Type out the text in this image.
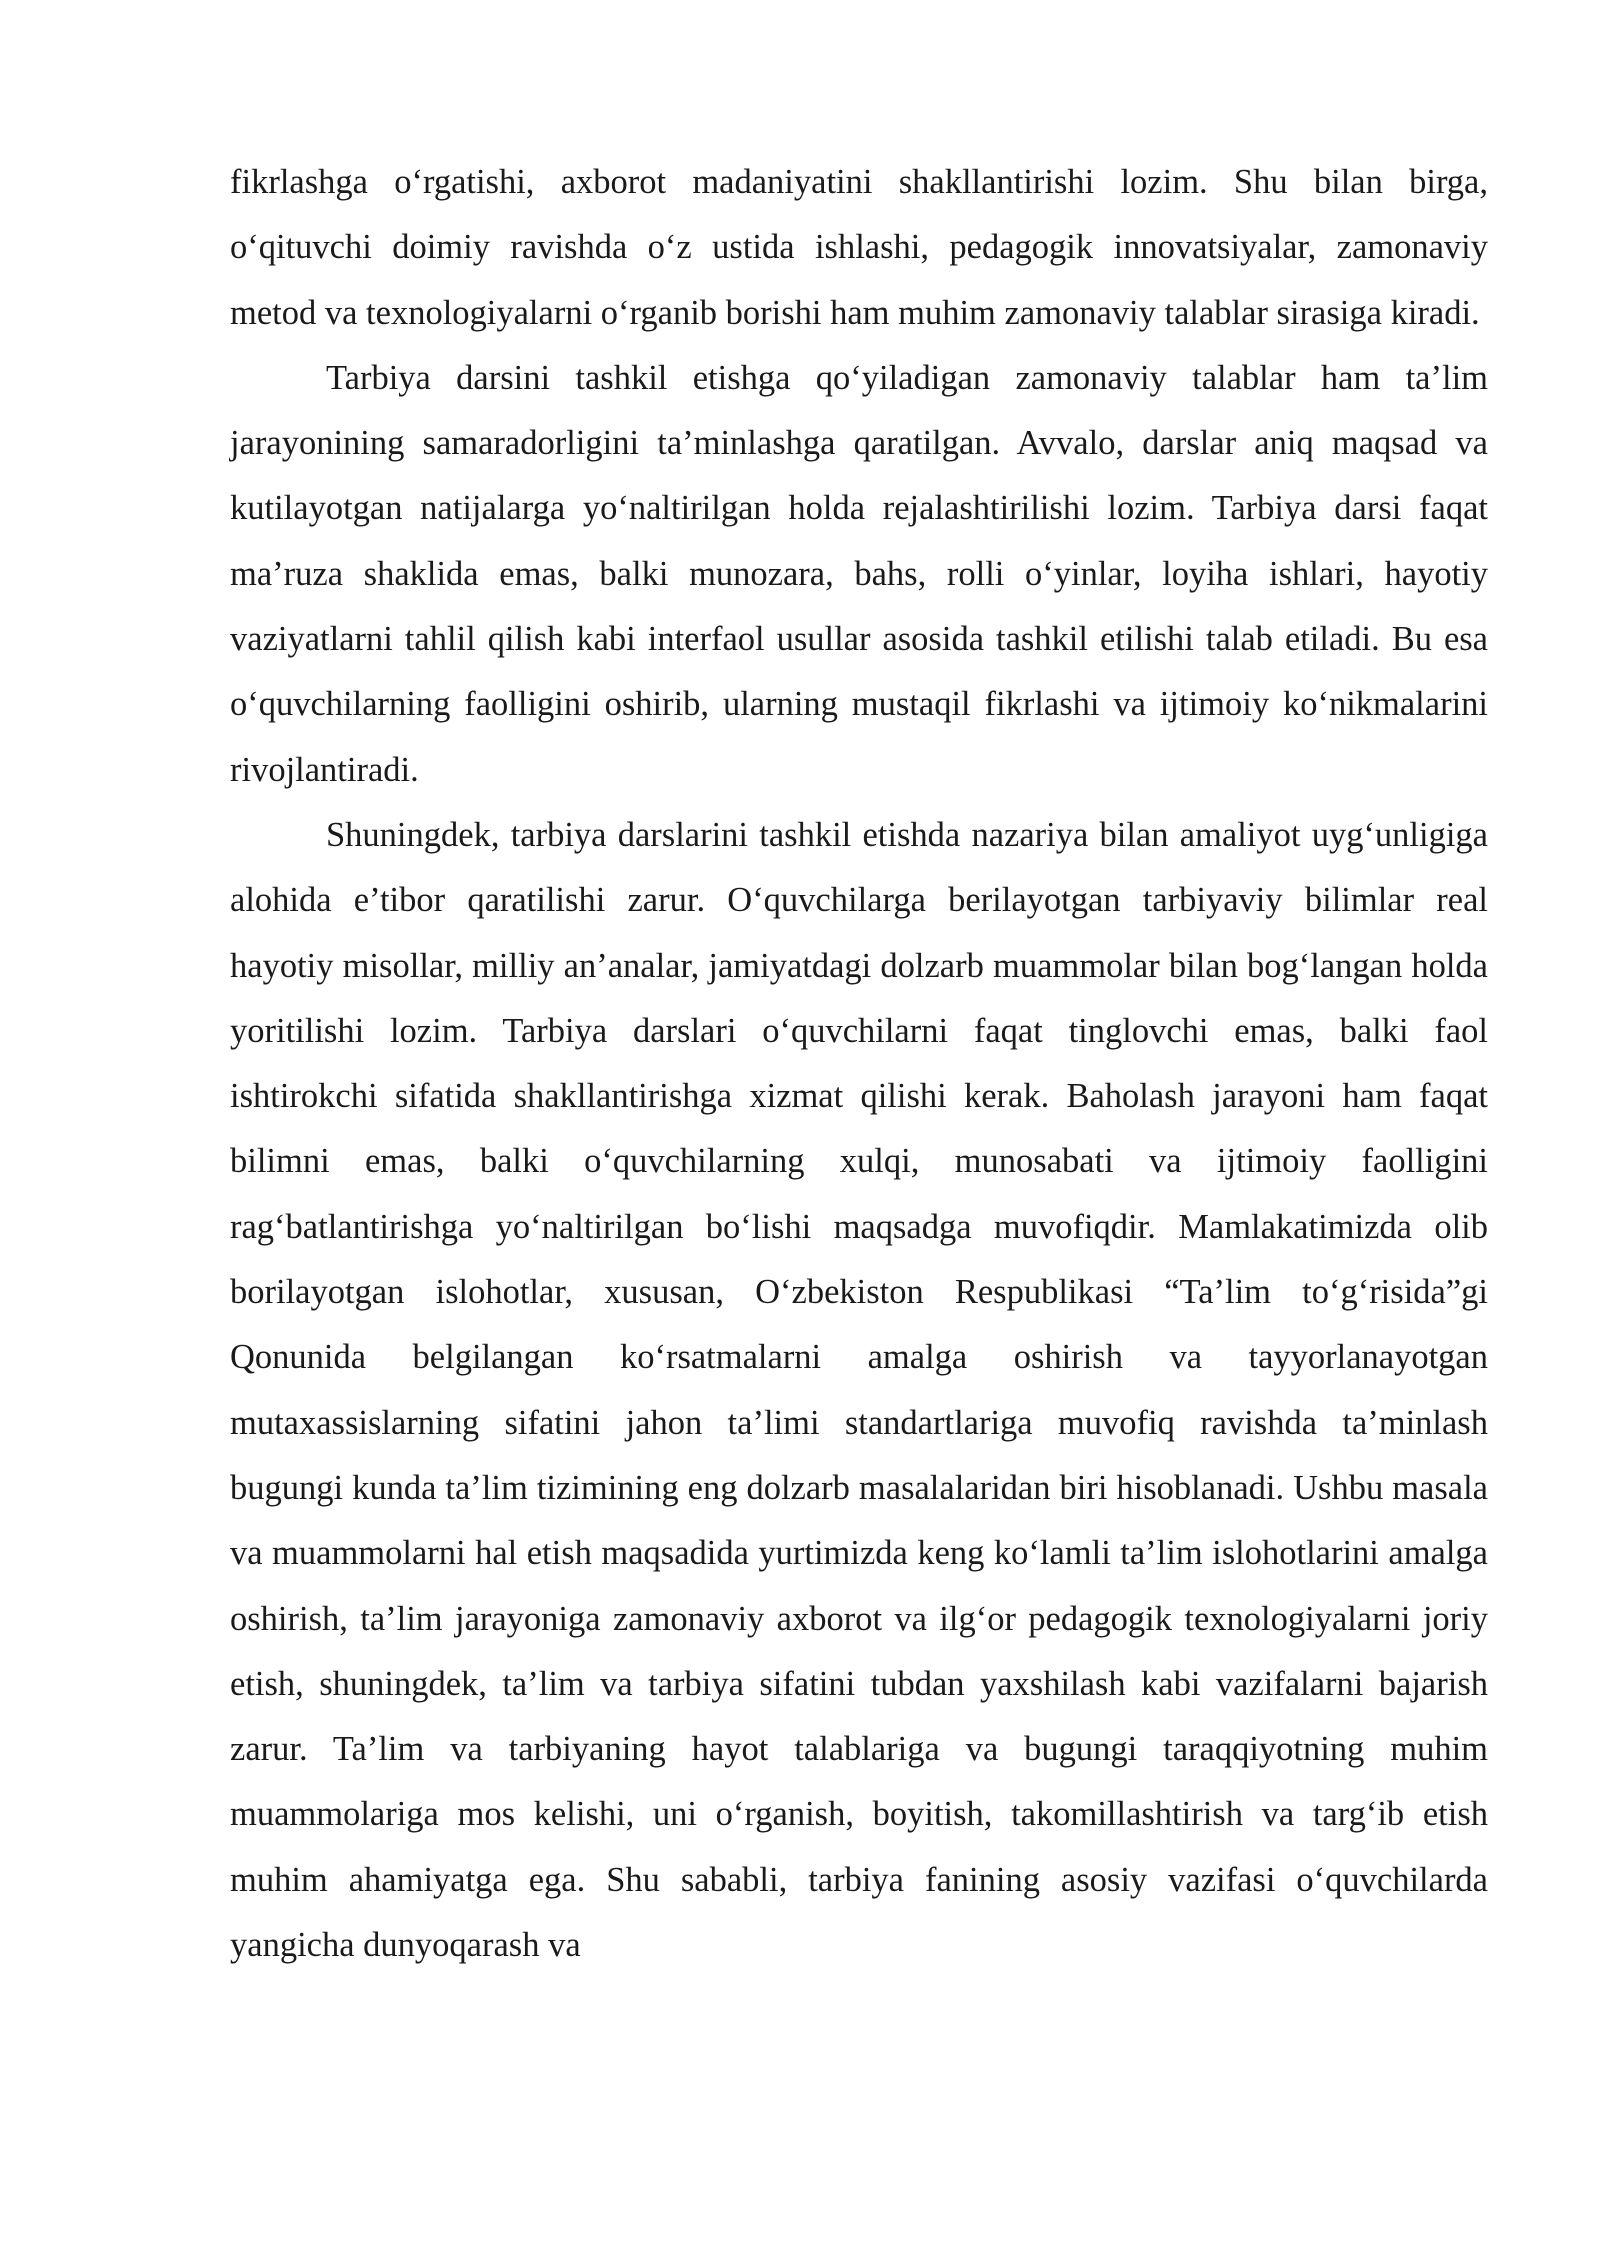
fikrlashga o‘rgatishi, axborot madaniyatini shakllantirishi lozim. Shu bilan birga, o‘qituvchi doimiy ravishda o‘z ustida ishlashi, pedagogik innovatsiyalar, zamonaviy metod va texnologiyalarni o‘rganib borishi ham muhim zamonaviy talablar sirasiga kiradi.

Tarbiya darsini tashkil etishga qo‘yiladigan zamonaviy talablar ham ta’lim jarayonining samaradorligini ta’minlashga qaratilgan. Avvalo, darslar aniq maqsad va kutilayotgan natijalarga yo‘naltirilgan holda rejalashtirilishi lozim. Tarbiya darsi faqat ma’ruza shaklida emas, balki munozara, bahs, rolli o‘yinlar, loyiha ishlari, hayotiy vaziyatlarni tahlil qilish kabi interfaol usullar asosida tashkil etilishi talab etiladi. Bu esa o‘quvchilarning faolligini oshirib, ularning mustaqil fikrlashi va ijtimoiy ko‘nikmalarini rivojlantiradi.

Shuningdek, tarbiya darslarini tashkil etishda nazariya bilan amaliyot uyg‘unligiga alohida e’tibor qaratilishi zarur. O‘quvchilarga berilayotgan tarbiyaviy bilimlar real hayotiy misollar, milliy an’analar, jamiyatdagi dolzarb muammolar bilan bog‘langan holda yoritilishi lozim. Tarbiya darslari o‘quvchilarni faqat tinglovchi emas, balki faol ishtirokchi sifatida shakllantirishga xizmat qilishi kerak. Baholash jarayoni ham faqat bilimni emas, balki o‘quvchilarning xulqi, munosabati va ijtimoiy faolligini rag‘batlantirishga yo‘naltirilgan bo‘lishi maqsadga muvofiqdir. Mamlakatimizda olib borilayotgan islohotlar, xususan, O‘zbekiston Respublikasi “Ta’lim to‘g‘risida”gi Qonunida belgilangan ko‘rsatmalarni amalga oshirish va tayyorlanayotgan mutaxassislarning sifatini jahon ta’limi standartlariga muvofiq ravishda ta’minlash bugungi kunda ta’lim tizimining eng dolzarb masalalaridan biri hisoblanadi. Ushbu masala va muammolarni hal etish maqsadida yurtimizda keng ko‘lamli ta’lim islohotlarini amalga oshirish, ta’lim jarayoniga zamonaviy axborot va ilg‘or pedagogik texnologiyalarni joriy etish, shuningdek, ta’lim va tarbiya sifatini tubdan yaxshilash kabi vazifalarni bajarish zarur. Ta’lim va tarbiyaning hayot talablariga va bugungi taraqqiyotning muhim muammolariga mos kelishi, uni o‘rganish, boyitish, takomillashtirish va targ‘ib etish muhim ahamiyatga ega. Shu sababli, tarbiya fanining asosiy vazifasi o‘quvchilarda yangicha dunyoqarash va
